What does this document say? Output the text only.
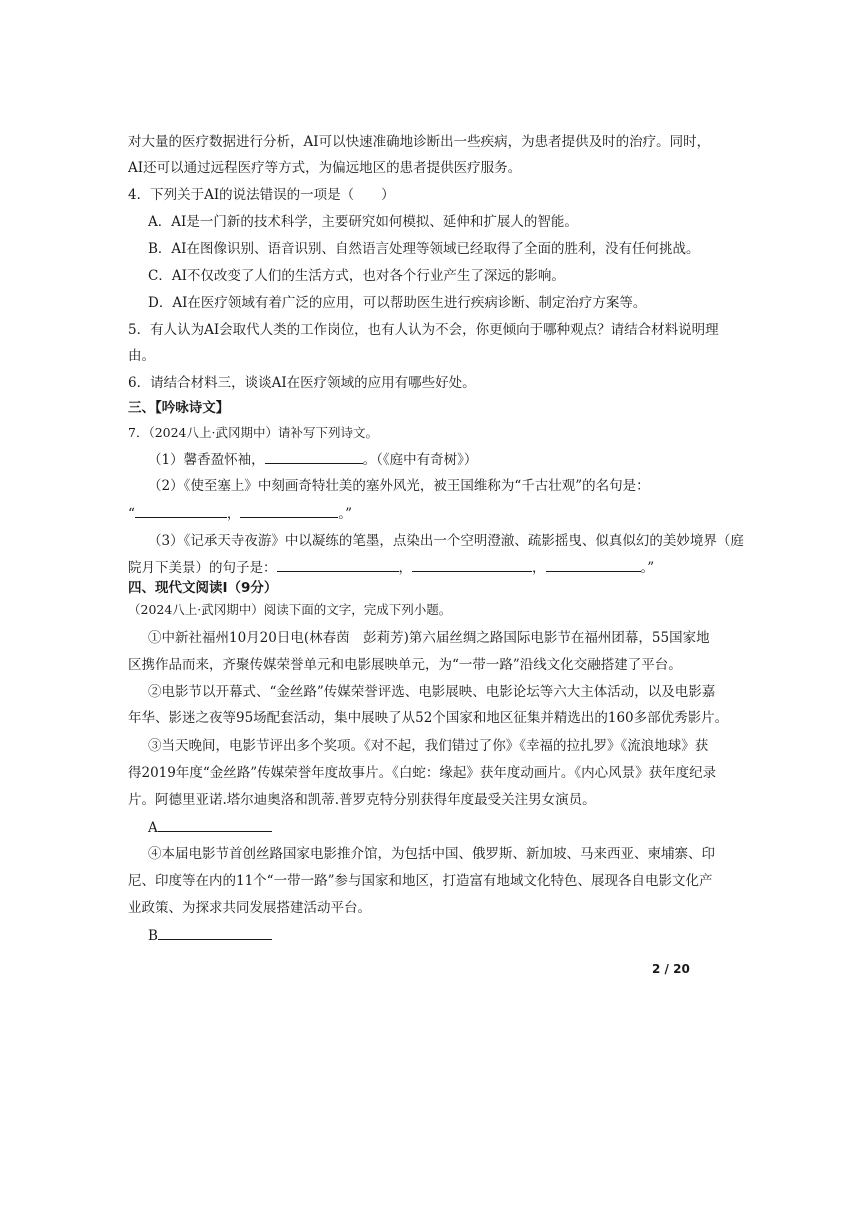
对大量的医疗数据进行分析，AI可以快速准确地诊断出一些疾病，为患者提供及时的治疗。同时，
AI还可以通过远程医疗等方式，为偏远地区的患者提供医疗服务。
4．下列关于AI的说法错误的一项是（　　）
A．AI是一门新的技术科学，主要研究如何模拟、延伸和扩展人的智能。
B．AI在图像识别、语音识别、自然语言处理等领域已经取得了全面的胜利，没有任何挑战。
C．AI不仅改变了人们的生活方式，也对各个行业产生了深远的影响。
D．AI在医疗领域有着广泛的应用，可以帮助医生进行疾病诊断、制定治疗方案等。
5．有人认为AI会取代人类的工作岗位，也有人认为不会，你更倾向于哪种观点？请结合材料说明理
由。
6．请结合材料三，谈谈AI在医疗领域的应用有哪些好处。
三、【吟咏诗文】
7．（2024八上·武冈期中）请补写下列诗文。
（1）馨香盈怀袖，	。（《庭中有奇树》）
（2）《使至塞上》中刻画奇特壮美的塞外风光，被王国维称为“千古壮观”的名句是：
“	，	。”
（3）《记承天寺夜游》中以凝练的笔墨，点染出一个空明澄澈、疏影摇曳、似真似幻的美妙境界（庭
院月下美景）的句子是：	，	，	。”
四、现代文阅读Ⅰ（9分）
（2024八上·武冈期中）阅读下面的文字，完成下列小题。
①中新社福州10月20日电(林春茵　彭莉芳)第六届丝绸之路国际电影节在福州团幕，55国家地
区携作品而来，齐聚传媒荣誉单元和电影展映单元，为“一带一路”沿线文化交融搭建了平台。
②电影节以开幕式、“金丝路”传媒荣誉评选、电影展映、电影论坛等六大主体活动，以及电影嘉
年华、影迷之夜等95场配套活动，集中展映了从52个国家和地区征集并精选出的160多部优秀影片。
③当天晚间，电影节评出多个奖项。《对不起，我们错过了你》《幸福的拉扎罗》《流浪地球》获
得2019年度“金丝路”传媒荣誉年度故事片。《白蛇：缘起》获年度动画片。《内心风景》获年度纪录
片。阿德里亚诺.塔尔迪奥洛和凯蒂.普罗克特分别获得年度最受关注男女演员。
A
④本届电影节首创丝路国家电影推介馆，为包括中国、俄罗斯、新加坡、马来西亚、柬埔寨、印
尼、印度等在内的11个“一带一路”参与国家和地区，打造富有地域文化特色、展现各自电影文化产
业政策、为探求共同发展搭建活动平台。
B
2 / 20
